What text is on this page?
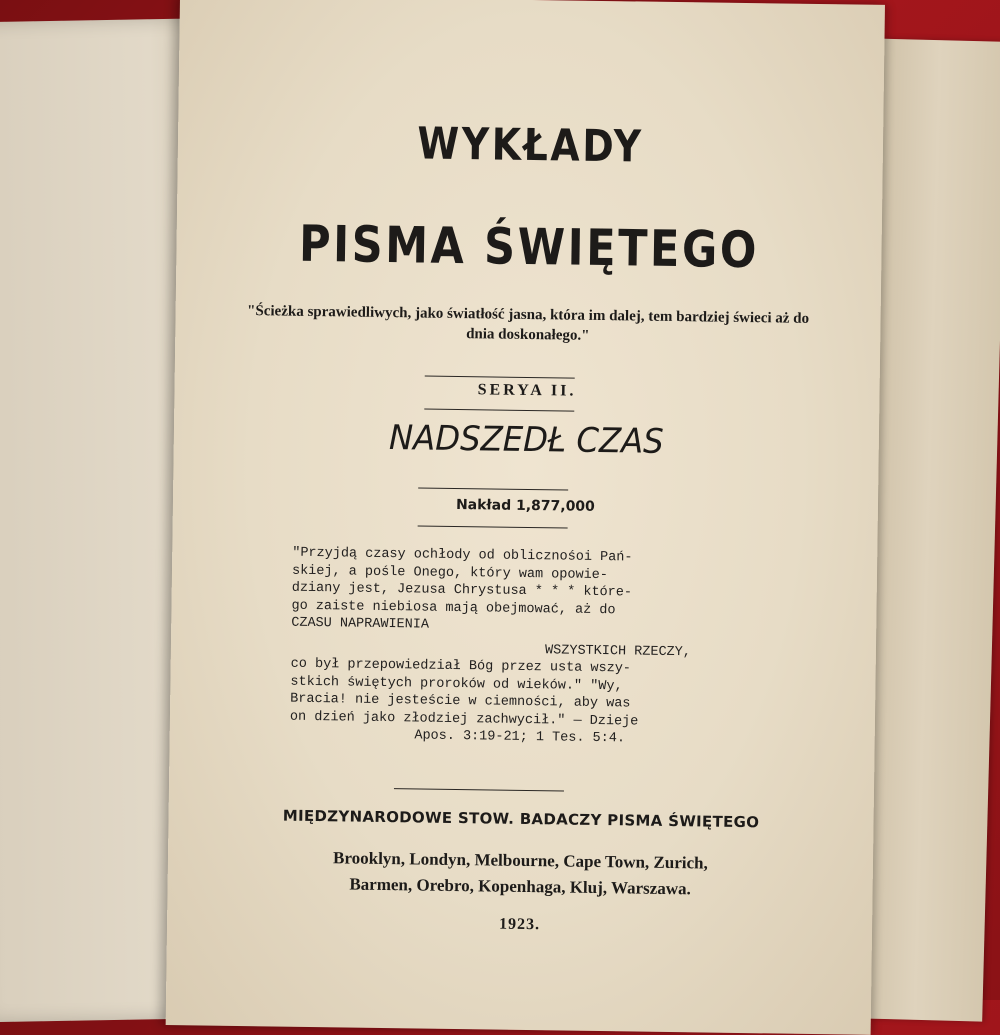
WYKŁADY
PISMA ŚWIĘTEGO
"Ścieżka sprawiedliwych, jako światłość jasna, która im dalej, tem bardziej świeci aż do dnia doskonałego."
SERYA II.
NADSZEDŁ CZAS
Nakład 1,877,000
"Przyjdą czasy ochłody od oblicznośoi Pań-
skiej, a pośle Onego, który wam opowie-
dziany jest, Jezusa Chrystusa * * * które-
go zaiste niebiosa mają obejmować, aż do
CZASU NAPRAWIENIA
WSZYSTKICH RZECZY,
co był przepowiedział Bóg przez usta wszy-
stkich świętych proroków od wieków." "Wy,
Bracia! nie jesteście w ciemności, aby was
on dzień jako złodziej zachwycił." — Dzieje
Apos. 3:19-21; 1 Tes. 5:4.
MIĘDZYNARODOWE STOW. BADACZY PISMA ŚWIĘTEGO
Brooklyn, Londyn, Melbourne, Cape Town, Zurich,
Barmen, Orebro, Kopenhaga, Kluj, Warszawa.
1923.
